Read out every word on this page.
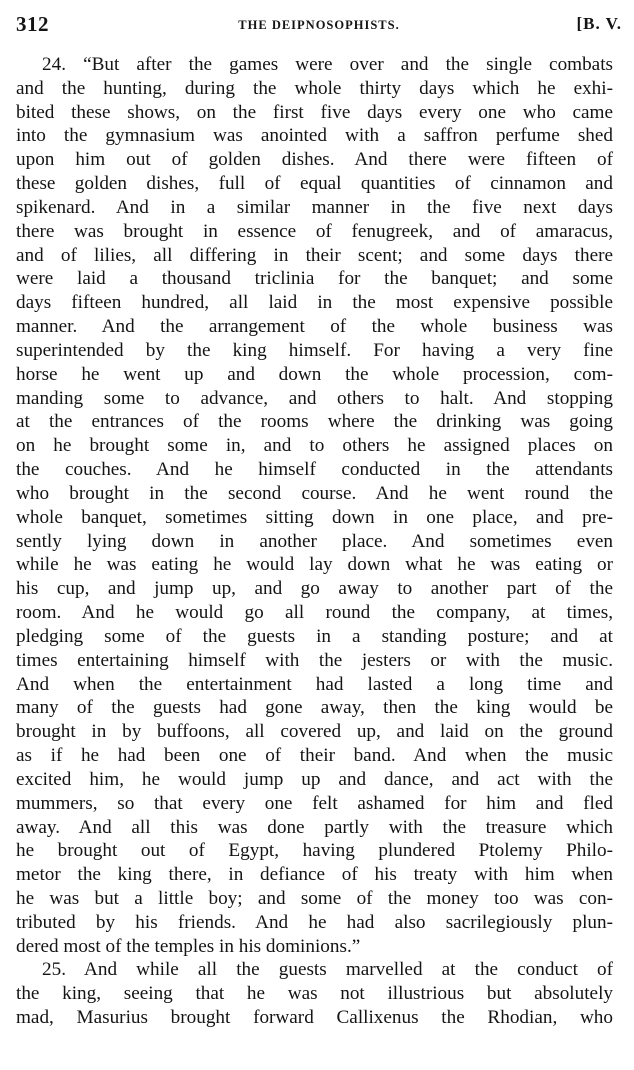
312	THE DEIPNOSOPHISTS.	[B. V.
24. “But after the games were over and the single combats
and the hunting, during the whole thirty days which he exhi-
bited these shows, on the first five days every one who came
into the gymnasium was anointed with a saffron perfume shed
upon him out of golden dishes. And there were fifteen of
these golden dishes, full of equal quantities of cinnamon and
spikenard. And in a similar manner in the five next days
there was brought in essence of fenugreek, and of amaracus,
and of lilies, all differing in their scent; and some days there
were laid a thousand triclinia for the banquet; and some
days fifteen hundred, all laid in the most expensive possible
manner. And the arrangement of the whole business was
superintended by the king himself. For having a very fine
horse he went up and down the whole procession, com-
manding some to advance, and others to halt. And stopping
at the entrances of the rooms where the drinking was going
on he brought some in, and to others he assigned places on
the couches. And he himself conducted in the attendants
who brought in the second course. And he went round the
whole banquet, sometimes sitting down in one place, and pre-
sently lying down in another place. And sometimes even
while he was eating he would lay down what he was eating or
his cup, and jump up, and go away to another part of the
room. And he would go all round the company, at times,
pledging some of the guests in a standing posture; and at
times entertaining himself with the jesters or with the music.
And when the entertainment had lasted a long time and
many of the guests had gone away, then the king would be
brought in by buffoons, all covered up, and laid on the ground
as if he had been one of their band. And when the music
excited him, he would jump up and dance, and act with the
mummers, so that every one felt ashamed for him and fled
away. And all this was done partly with the treasure which
he brought out of Egypt, having plundered Ptolemy Philo-
metor the king there, in defiance of his treaty with him when
he was but a little boy; and some of the money too was con-
tributed by his friends. And he had also sacrilegiously plun-
dered most of the temples in his dominions.”
25. And while all the guests marvelled at the conduct of
the king, seeing that he was not illustrious but absolutely
mad, Masurius brought forward Callixenus the Rhodian, who
